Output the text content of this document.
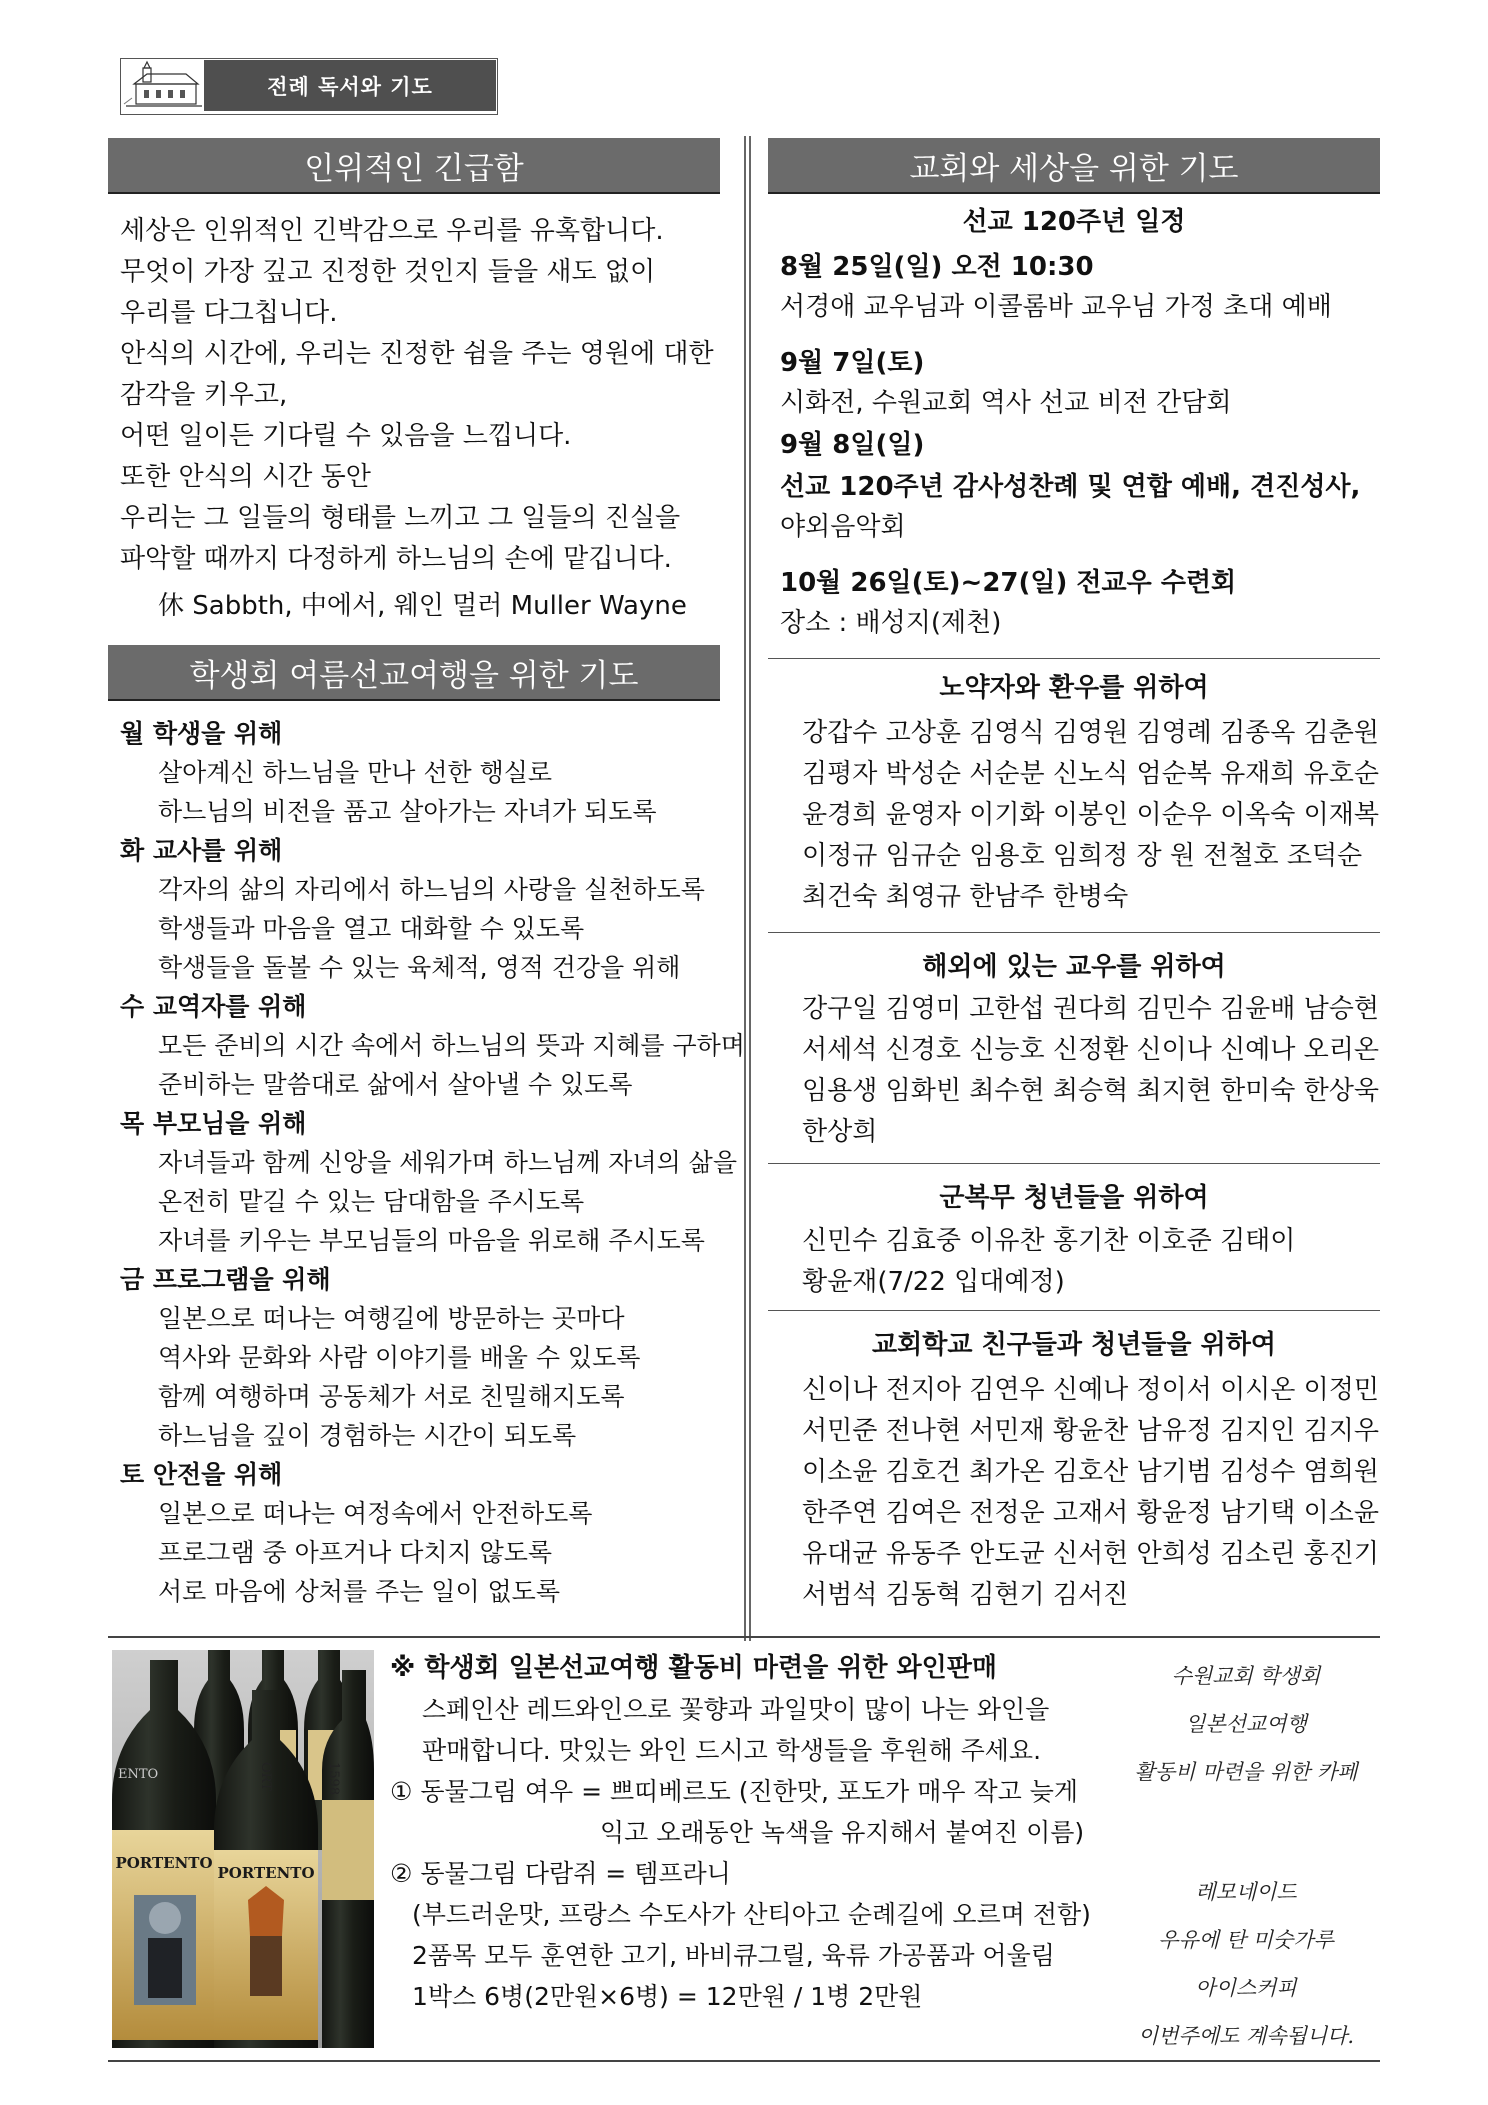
전례 독서와 기도
인위적인 긴급함
세상은 인위적인 긴박감으로 우리를 유혹합니다.
무엇이 가장 깊고 진정한 것인지 들을 새도 없이
우리를 다그칩니다.
안식의 시간에, 우리는 진정한 쉼을 주는 영원에 대한
감각을 키우고,
어떤 일이든 기다릴 수 있음을 느낍니다.
또한 안식의 시간 동안
우리는 그 일들의 형태를 느끼고 그 일들의 진실을
파악할 때까지 다정하게 하느님의 손에 맡깁니다.
休 Sabbth, 中에서, 웨인 멀러 Muller Wayne
학생회 여름선교여행을 위한 기도
월 학생을 위해
살아계신 하느님을 만나 선한 행실로
하느님의 비전을 품고 살아가는 자녀가 되도록
화 교사를 위해
각자의 삶의 자리에서 하느님의 사랑을 실천하도록
학생들과 마음을 열고 대화할 수 있도록
학생들을 돌볼 수 있는 육체적, 영적 건강을 위해
수 교역자를 위해
모든 준비의 시간 속에서 하느님의 뜻과 지혜를 구하며
준비하는 말씀대로 삶에서 살아낼 수 있도록
목 부모님을 위해
자녀들과 함께 신앙을 세워가며 하느님께 자녀의 삶을
온전히 맡길 수 있는 담대함을 주시도록
자녀를 키우는 부모님들의 마음을 위로해 주시도록
금 프로그램을 위해
일본으로 떠나는 여행길에 방문하는 곳마다
역사와 문화와 사람 이야기를 배울 수 있도록
함께 여행하며 공동체가 서로 친밀해지도록
하느님을 깊이 경험하는 시간이 되도록
토 안전을 위해
일본으로 떠나는 여정속에서 안전하도록
프로그램 중 아프거나 다치지 않도록
서로 마음에 상처를 주는 일이 없도록
교회와 세상을 위한 기도
선교 120주년 일정
8월 25일(일) 오전 10:30
서경애 교우님과 이콜롬바 교우님 가정 초대 예배
9월 7일(토)
시화전, 수원교회 역사 선교 비전 간담회
9월 8일(일)
선교 120주년 감사성찬례 및 연합 예배, 견진성사,
야외음악회
10월 26일(토)~27(일) 전교우 수련회
장소 : 배성지(제천)
노약자와 환우를 위하여
강갑수 고상훈 김영식 김영원 김영례 김종옥 김춘원
김평자 박성순 서순분 신노식 엄순복 유재희 유호순
윤경희 윤영자 이기화 이봉인 이순우 이옥숙 이재복
이정규 임규순 임용호 임희정 장 원 전철호 조덕순
최건숙 최영규 한남주 한병숙
해외에 있는 교우를 위하여
강구일 김영미 고한섭 권다희 김민수 김윤배 남승현
서세석 신경호 신능호 신정환 신이나 신예나 오리온
임용생 임화빈 최수현 최승혁 최지현 한미숙 한상욱
한상희
군복무 청년들을 위하여
신민수 김효중 이유찬 홍기찬 이호준 김태이
황윤재(7/22 입대예정)
교회학교 친구들과 청년들을 위하여
신이나 전지아 김연우 신예나 정이서 이시온 이정민
서민준 전나현 서민재 황윤찬 남유정 김지인 김지우
이소윤 김호건 최가온 김호산 남기범 김성수 염희원
한주연 김여은 전정운 고재서 황윤정 남기택 이소윤
유대균 유동주 안도균 신서헌 안희성 김소린 홍진기
서범석 김동혁 김현기 김서진
PORTENTO
PORTENTO
1598
ORT
ENTO
※ 학생회 일본선교여행 활동비 마련을 위한 와인판매
스페인산 레드와인으로 꽃향과 과일맛이 많이 나는 와인을
판매합니다. 맛있는 와인 드시고 학생들을 후원해 주세요.
① 동물그림 여우 = 쁘띠베르도 (진한맛, 포도가 매우 작고 늦게
익고 오래동안 녹색을 유지해서 붙여진 이름)
② 동물그림 다람쥐 = 템프라니
(부드러운맛, 프랑스 수도사가 산티아고 순례길에 오르며 전함)
2품목 모두 훈연한 고기, 바비큐그릴, 육류 가공품과 어울림
1박스 6병(2만원×6병) = 12만원 / 1병 2만원
수원교회 학생회
일본선교여행
활동비 마련을 위한 카페
레모네이드
우유에 탄 미숫가루
아이스커피
이번주에도 계속됩니다.
